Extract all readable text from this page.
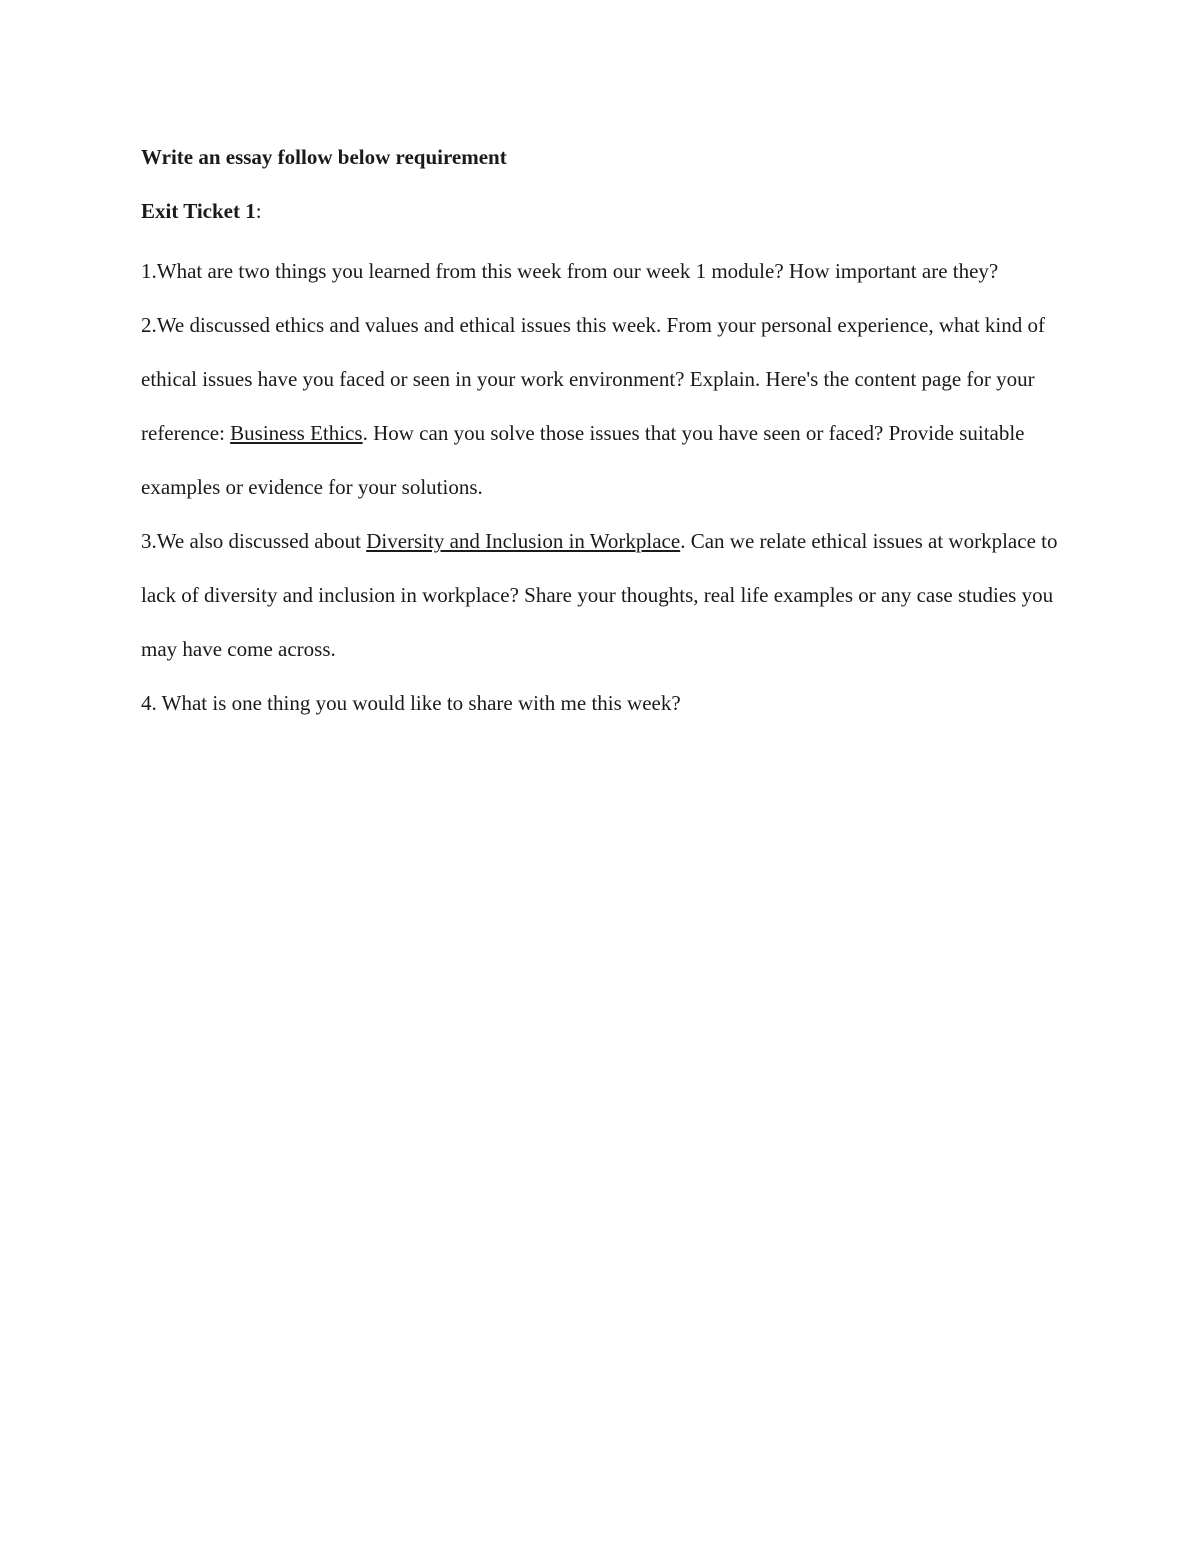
Write an essay follow below requirement

Exit Ticket 1:

1.What are two things you learned from this week from our week 1 module? How important are they?

2.We discussed ethics and values and ethical issues this week. From your personal experience, what kind of ethical issues have you faced or seen in your work environment? Explain. Here's the content page for your reference: Business Ethics. How can you solve those issues that you have seen or faced? Provide suitable examples or evidence for your solutions.

3.We also discussed about Diversity and Inclusion in Workplace. Can we relate ethical issues at workplace to lack of diversity and inclusion in workplace? Share your thoughts, real life examples or any case studies you may have come across.

4. What is one thing you would like to share with me this week?
